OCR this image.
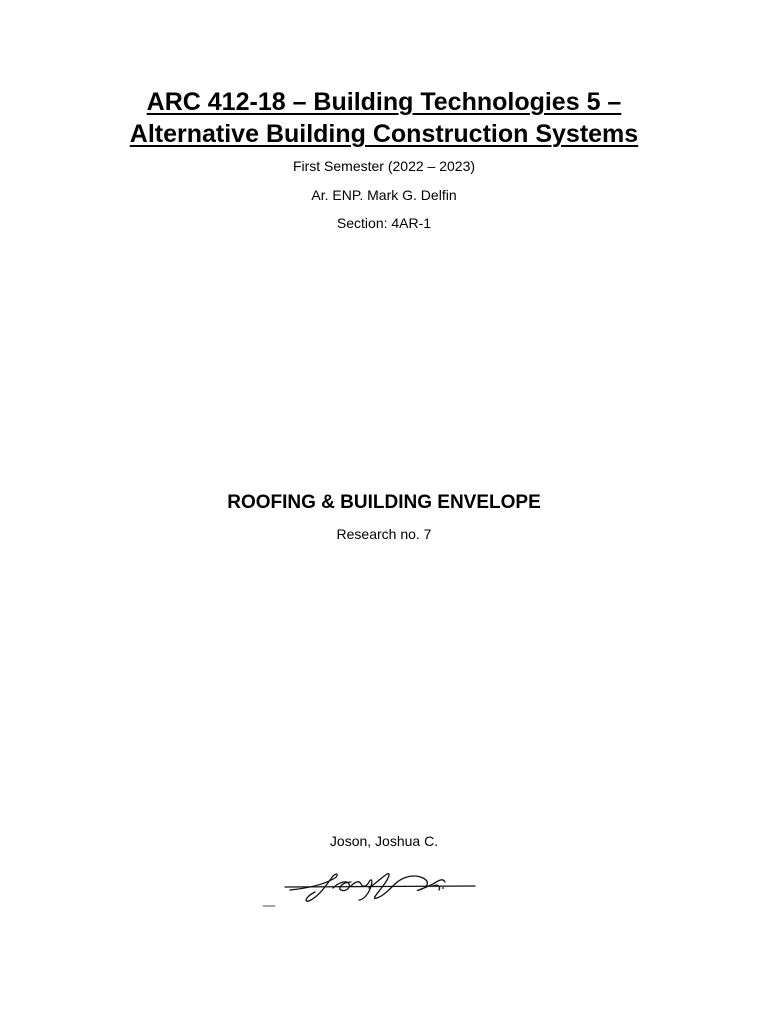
ARC 412-18 – Building Technologies 5 –
Alternative Building Construction Systems
First Semester (2022 – 2023)
Ar. ENP. Mark G. Delfin
Section: 4AR-1
ROOFING & BUILDING ENVELOPE
Research no. 7
Joson, Joshua C.
